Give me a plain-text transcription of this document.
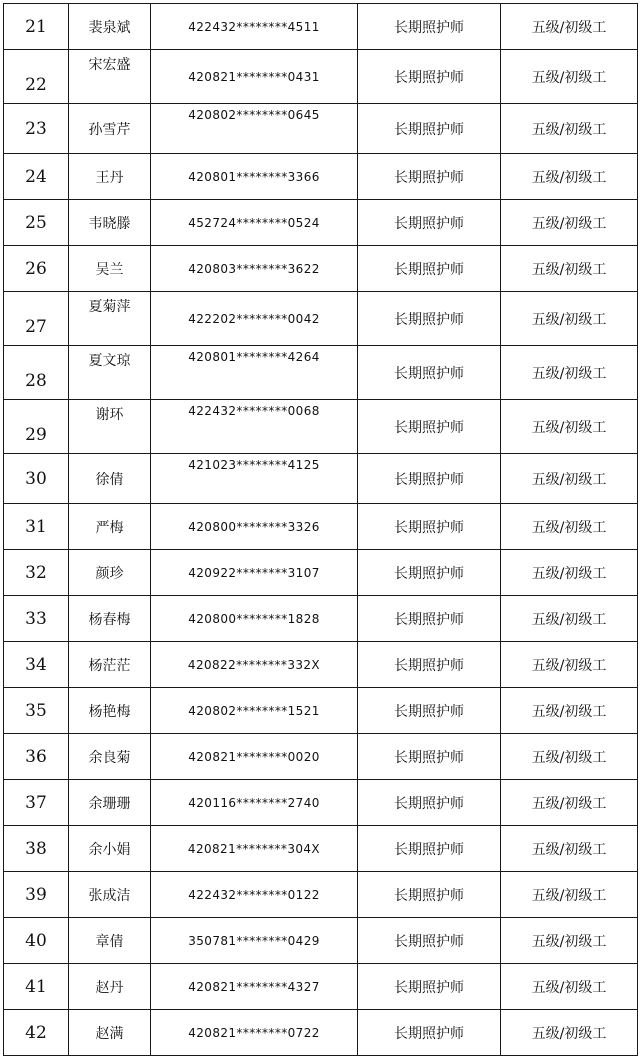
21	裴泉斌	422432********4511	长期照护师	五级/初级工
22	宋宏盛	420821********0431	长期照护师	五级/初级工
23	孙雪芹	420802********0645	长期照护师	五级/初级工
24	王丹	420801********3366	长期照护师	五级/初级工
25	韦晓滕	452724********0524	长期照护师	五级/初级工
26	吴兰	420803********3622	长期照护师	五级/初级工
27	夏菊萍	422202********0042	长期照护师	五级/初级工
28	夏文琼	420801********4264	长期照护师	五级/初级工
29	谢环	422432********0068	长期照护师	五级/初级工
30	徐倩	421023********4125	长期照护师	五级/初级工
31	严梅	420800********3326	长期照护师	五级/初级工
32	颜珍	420922********3107	长期照护师	五级/初级工
33	杨春梅	420800********1828	长期照护师	五级/初级工
34	杨茫茫	420822********332X	长期照护师	五级/初级工
35	杨艳梅	420802********1521	长期照护师	五级/初级工
36	余良菊	420821********0020	长期照护师	五级/初级工
37	余珊珊	420116********2740	长期照护师	五级/初级工
38	余小娟	420821********304X	长期照护师	五级/初级工
39	张成洁	422432********0122	长期照护师	五级/初级工
40	章倩	350781********0429	长期照护师	五级/初级工
41	赵丹	420821********4327	长期照护师	五级/初级工
42	赵满	420821********0722	长期照护师	五级/初级工
